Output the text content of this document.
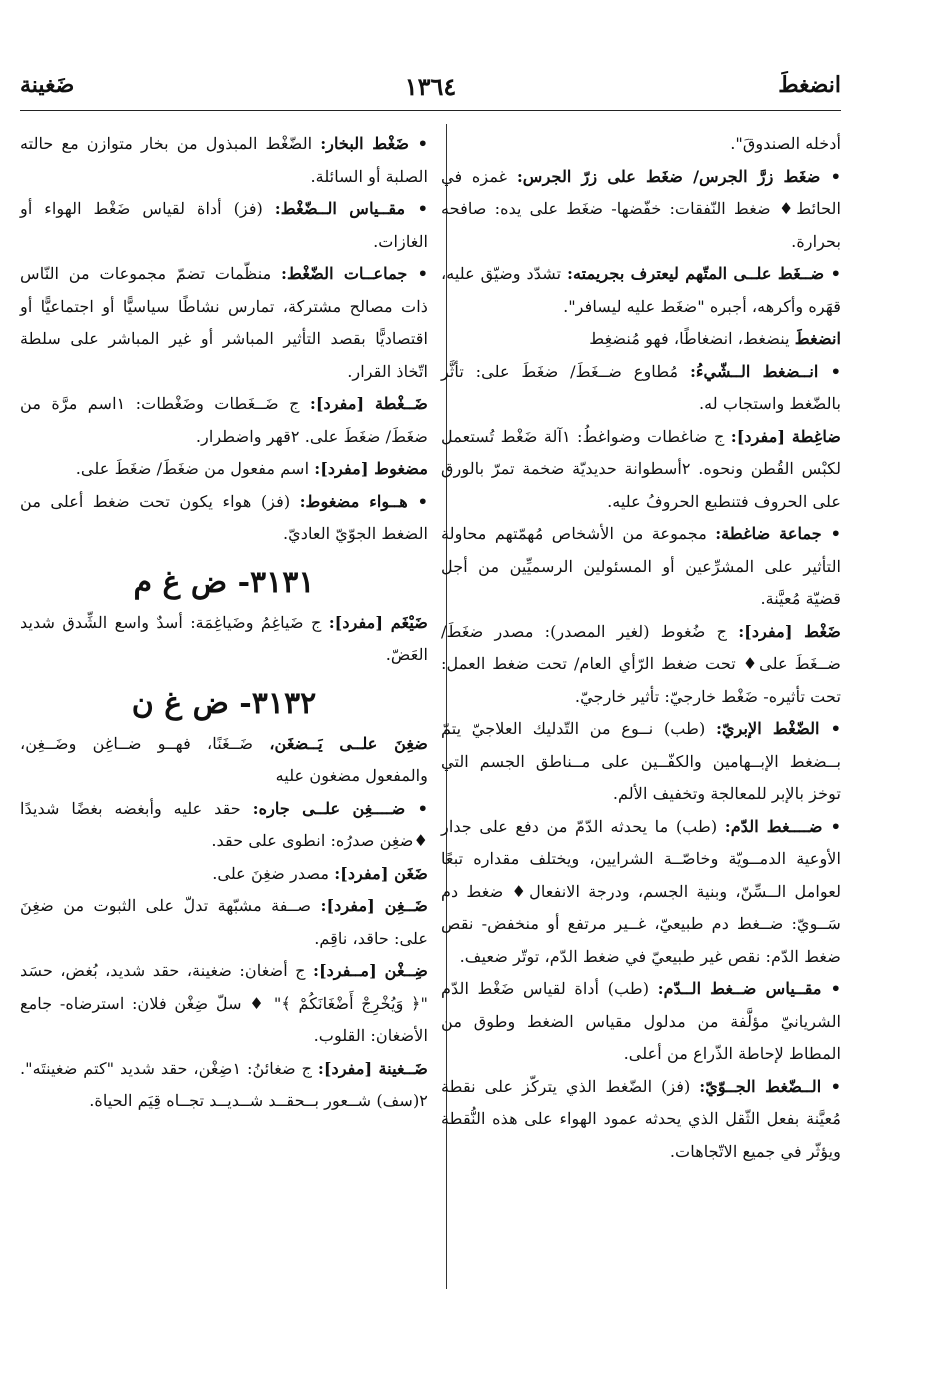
انضغطَ
١٣٦٤
ضَغينة

أدخله الصندوقَ".

• ضغَط زرَّ الجرس/ ضغَط على زرّ الجرس: غمزه في الحائط♦ ضغط النّفقات: خفّضها- ضغَط على يده: صافحه بحرارة.

• ضــغَط علــى المتّهم ليعترف بجريمته: تشدّد وضيّق عليه، قهَره وأكرهه، أجبره "ضغَط عليه ليسافر".

انضغطَ ينضغط، انضغاطًا، فهو مُنضغِط

• انــضغط الــشّيءُ: مُطاوع ضــغَطَ/ ضغَطَ على: تأثَّر بالضّغط واستجاب له.

ضاغِطة [مفرد]: ج ضاغطات وضواغطُ: ١آلة ضَغْط تُستعمل لكبْس القُطن ونحوه. ٢أسطوانة حديديّة ضخمة تمرّ بالورق على الحروف فتنطبع الحروفُ عليه.

• جماعة ضاغطة: مجموعة من الأشخاص مُهمّتهم محاولة التأثير على المشرِّعين أو المسئولين الرسميِّين من أجل قضيّة مُعيَّنة.

ضَغْط [مفرد]: ج ضُغوط (لغير المصدر): مصدر ضغَطَ/ ضــغَطَ على♦ تحت ضغط الرّأي العام/ تحت ضغط العمل: تحت تأثيره- ضَغْط خارجيّ: تأثير خارجيّ.

• الضّغْط الإبريّ: (طب) نــوع من التّدليك العلاجيّ يتمّ بــضغط الإبــهامين والكفّــين على مــناطق الجسم التي توخز بالإبر للمعالجة وتخفيف الألم.

• ضــــغط الدّم: (طب) ما يحدثه الدّمّ من دفع على جدار الأوعية الدمــويّة وخاصّــة الشرايين، ويختلف مقداره تبعًا لعوامل الــسِّنّ، وبنية الجسم، ودرجة الانفعال♦ ضغط دم سَــويّ: ضــغط دم طبيعيّ، غــير مرتفع أو منخفض- نقص ضغط الدّم: نقص غير طبيعيّ في ضغط الدّم، توتّر ضعيف.

• مقــياس ضــغط الــدّم: (طب) أداة لقياس ضَغْط الدّم الشريانيّ مؤلَّفة من مدلول مقياس الضغط وطوق من المطاط لإحاطة الذّراع من أعلى.

• الــضّغط الجــوّيّ: (فز) الضّغط الذي يتركّز على نقطة مُعيَّنة بفعل الثّقل الذي يحدثه عمود الهواء على هذه النُّقطة ويؤثّر في جميع الاتّجاهات.

• ضَغْط البخار: الضّغْط المبذول من بخار متوازن مع حالته الصلبة أو السائلة.

• مقــياس الــضّغْط: (فز) أداة لقياس ضَغْط الهواء أو الغازات.

• جماعــات الضّغْط: منظّمات تضمّ مجموعات من النّاس ذات مصالح مشتركة، تمارس نشاطًا سياسيًّا أو اجتماعيًّا أو اقتصاديًّا بقصد التأثير المباشر أو غير المباشر على سلطة اتّخاذ القرار.

ضَــغْطة [مفرد]: ج ضَــغَطات وضَغْطات: ١اسم مرَّة من ضغَطَ/ ضغَطَ على. ٢قهر واضطرار.

مضغوط [مفرد]: اسم مفعول من ضغَطَ/ ضغَطَ على.

• هــواء مضغوط: (فز) هواء يكون تحت ضغط أعلى من الضغط الجوّيّ العاديّ.

٣١٣١- ض غ م

ضَيْغَم [مفرد]: ج ضَياغِمُ وضَياغِمَة: أسدٌ واسع الشِّدق شديد العَضّ.

٣١٣٢- ض غ ن

ضغِنَ علــى يَــضغَن، ضَــغَنًا، فهــو ضــاغِن وضَــغِن، والمفعول مضغون عليه

• ضــــغِن علــى جاره: حقد عليه وأبغضه بغضًا شديدًا ♦ضغِن صدرُه: انطوى على حقد.

ضَغَن [مفرد]: مصدر ضغِنَ على.

ضَــغِن [مفرد]: صــفة مشبّهة تدلّ على الثبوت من ضغِنَ على: حاقد، ناقِم.

ضِــغْن [مــفرد]: ج أضغان: ضغينة، حقد شديد، بُغض، حسَد "﴿ وَيُخْرِجْ أَضْغَانَكُمْ ﴾" ♦ سلّ ضِغْن فلان: استرضاه- جامع الأضغان: القلوب.

ضَــغينة [مفرد]: ج ضغائنُ: ١ضِغْن، حقد شديد "كتم ضغينتَه". ٢(سف) شــعور بــحقــد شــديــد تجــاه قِيَم الحياة.
